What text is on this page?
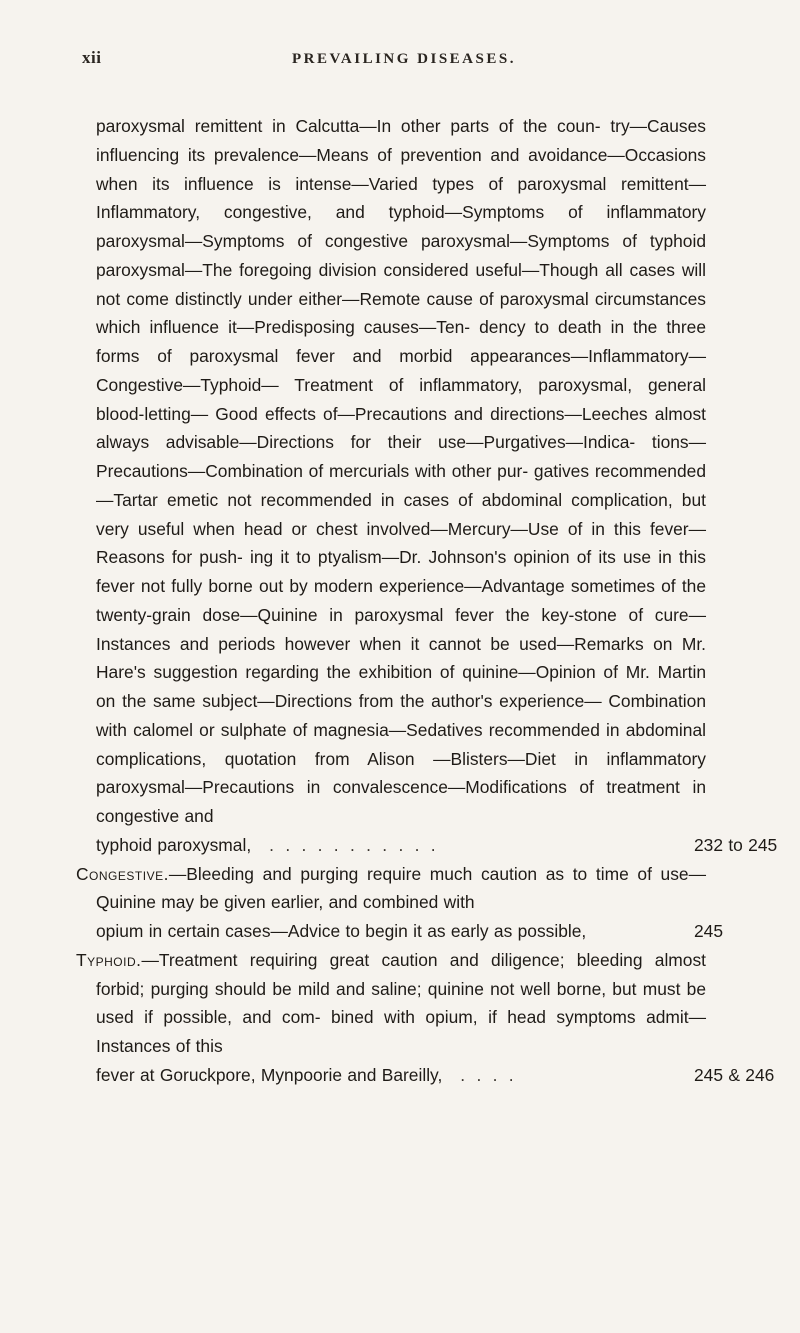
xii	PREVAILING DISEASES.

paroxysmal remittent in Calcutta—In other parts of the coun- try—Causes influencing its prevalence—Means of prevention and avoidance—Occasions when its influence is intense—Varied types of paroxysmal remittent—Inflammatory, congestive, and typhoid—Symptoms of inflammatory paroxysmal—Symptoms of congestive paroxysmal—Symptoms of typhoid paroxysmal—The foregoing division considered useful—Though all cases will not come distinctly under either—Remote cause of paroxysmal circumstances which influence it—Predisposing causes—Ten- dency to death in the three forms of paroxysmal fever and morbid appearances—Inflammatory—Congestive—Typhoid— Treatment of inflammatory, paroxysmal, general blood-letting— Good effects of—Precautions and directions—Leeches almost always advisable—Directions for their use—Purgatives—Indica- tions—Precautions—Combination of mercurials with other pur- gatives recommended—Tartar emetic not recommended in cases of abdominal complication, but very useful when head or chest involved—Mercury—Use of in this fever—Reasons for push- ing it to ptyalism—Dr. Johnson's opinion of its use in this fever not fully borne out by modern experience—Advantage sometimes of the twenty-grain dose—Quinine in paroxysmal fever the key-stone of cure—Instances and periods however when it cannot be used—Remarks on Mr. Hare's suggestion regarding the exhibition of quinine—Opinion of Mr. Martin on the same subject—Directions from the author's experience— Combination with calomel or sulphate of magnesia—Sedatives recommended in abdominal complications, quotation from Alison —Blisters—Diet in inflammatory paroxysmal—Precautions in convalescence—Modifications of treatment in congestive and

typhoid paroxysmal,	. . . . . . . . . . .	232 to 245

Congestive.—Bleeding and purging require much caution as to time of use—Quinine may be given earlier, and combined with

opium in certain cases—Advice to begin it as early as possible,	245

Typhoid.—Treatment requiring great caution and diligence; bleeding almost forbid; purging should be mild and saline; quinine not well borne, but must be used if possible, and com- bined with opium, if head symptoms admit—Instances of this

fever at Goruckpore, Mynpoorie and Bareilly,	. . . .	245 & 246
